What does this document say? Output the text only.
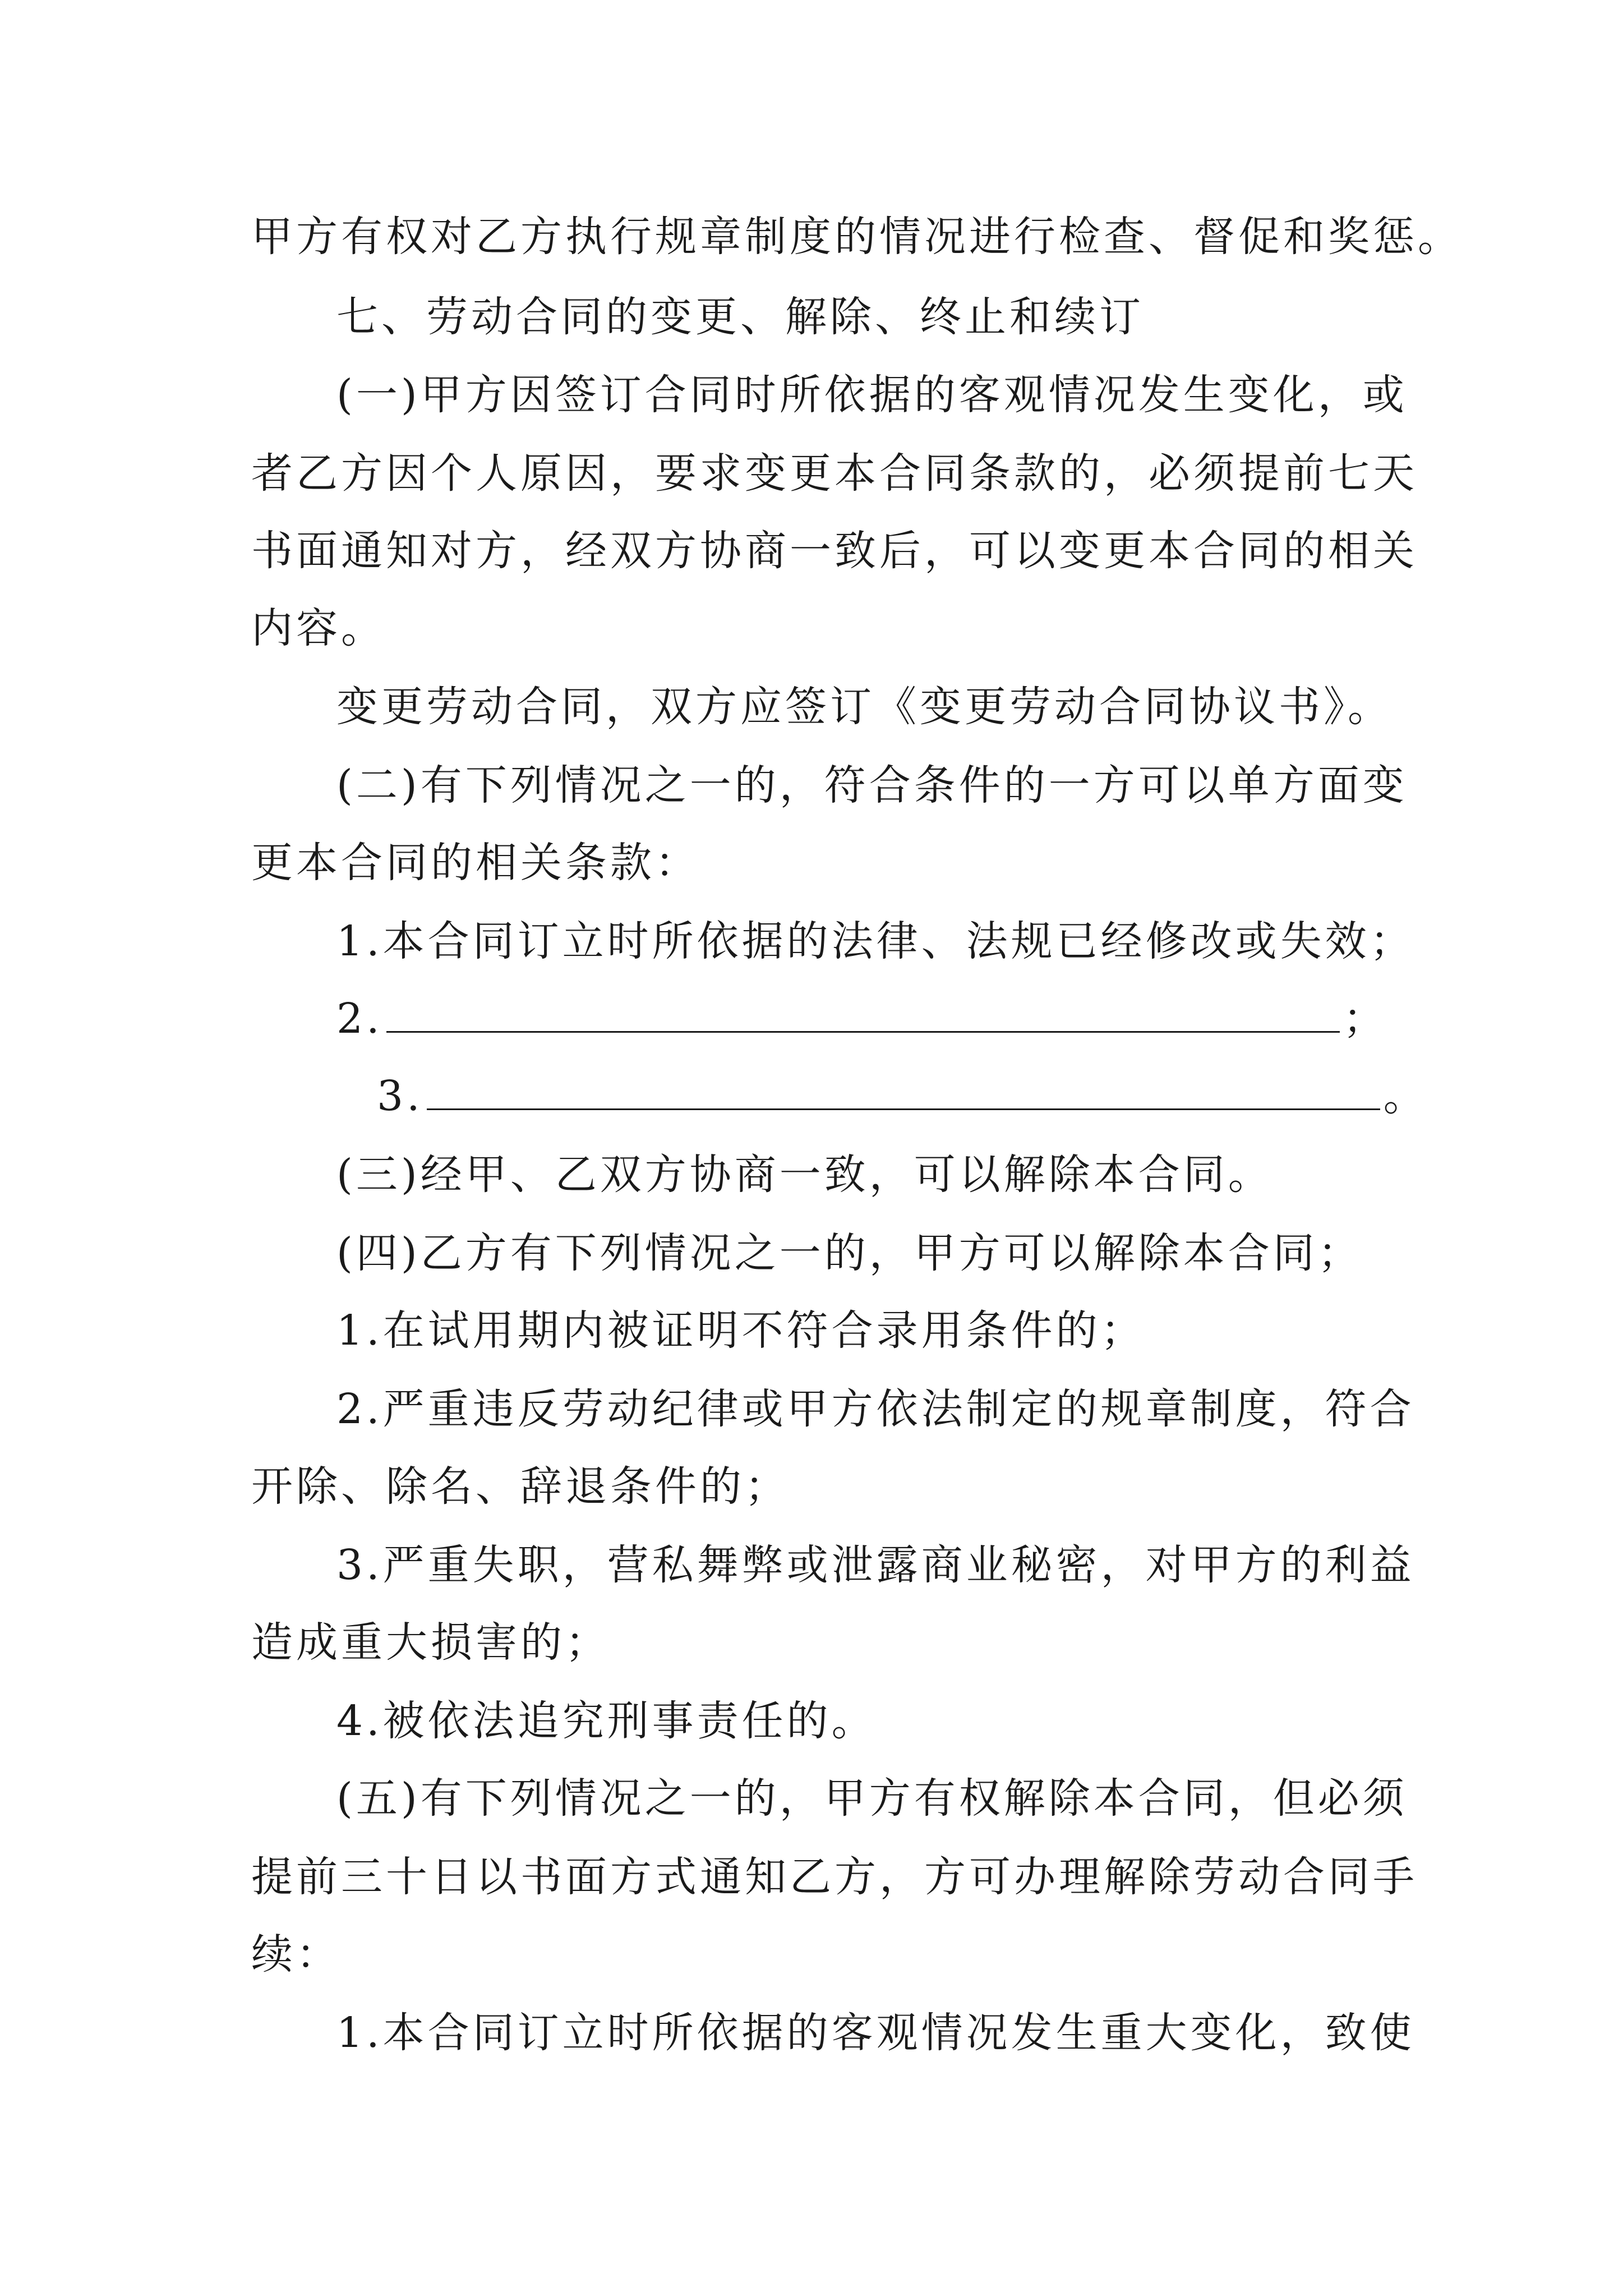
甲方有权对乙方执行规章制度的情况进行检查、督促和奖惩。
七、劳动合同的变更、解除、终止和续订
(一)甲方因签订合同时所依据的客观情况发生变化，或
者乙方因个人原因，要求变更本合同条款的，必须提前七天
书面通知对方，经双方协商一致后，可以变更本合同的相关
内容。
变更劳动合同，双方应签订《变更劳动合同协议书》。
(二)有下列情况之一的，符合条件的一方可以单方面变
更本合同的相关条款：
1.本合同订立时所依据的法律、法规已经修改或失效；
2.	；
3.	。
(三)经甲、乙双方协商一致，可以解除本合同。
(四)乙方有下列情况之一的，甲方可以解除本合同；
1.在试用期内被证明不符合录用条件的；
2.严重违反劳动纪律或甲方依法制定的规章制度，符合
开除、除名、辞退条件的；
3.严重失职，营私舞弊或泄露商业秘密，对甲方的利益
造成重大损害的；
4.被依法追究刑事责任的。
(五)有下列情况之一的，甲方有权解除本合同，但必须
提前三十日以书面方式通知乙方，方可办理解除劳动合同手
续：
1.本合同订立时所依据的客观情况发生重大变化，致使
